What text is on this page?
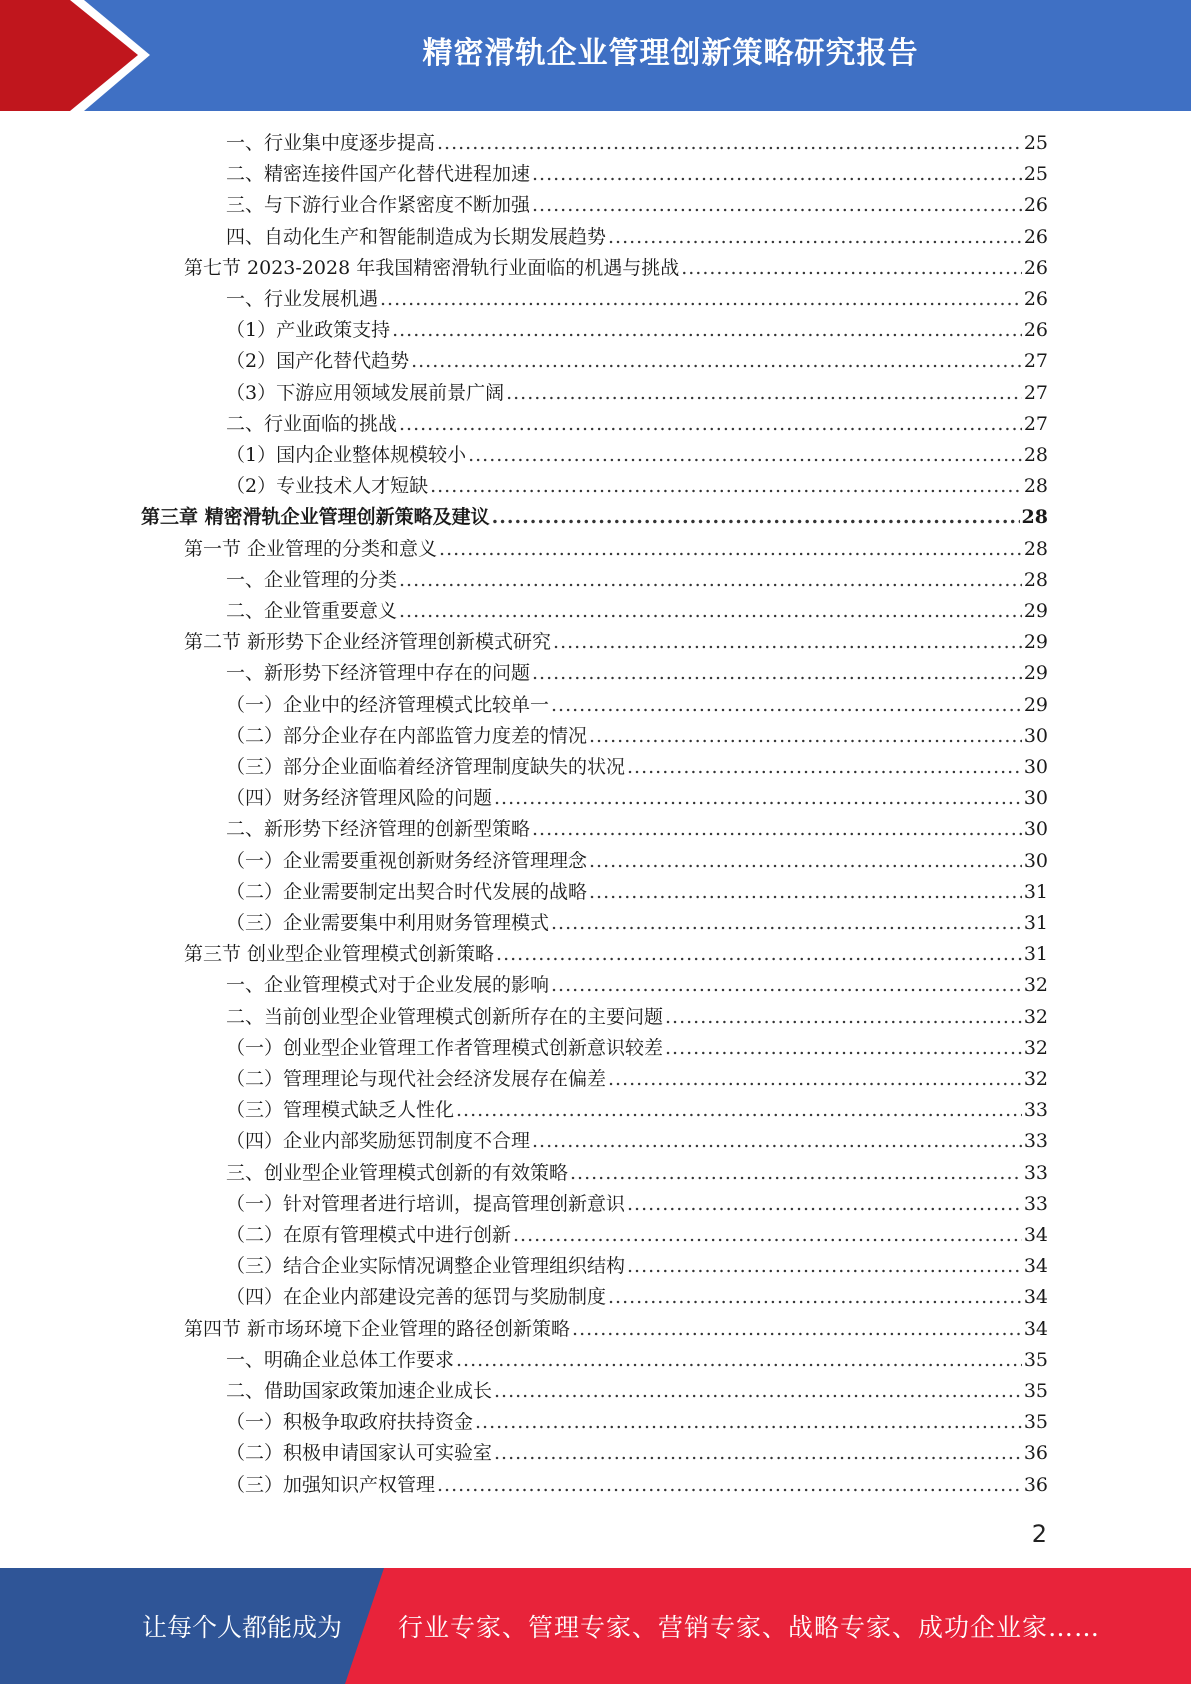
精密滑轨企业管理创新策略研究报告
一、行业集中度逐步提高 .....	25
二、精密连接件国产化替代进程加速 .....	25
三、与下游行业合作紧密度不断加强 .....	26
四、自动化生产和智能制造成为长期发展趋势 .....	26
第七节 2023-2028 年我国精密滑轨行业面临的机遇与挑战 .....	26
一、行业发展机遇 .....	26
（1）产业政策支持 .....	26
（2）国产化替代趋势 .....	27
（3）下游应用领域发展前景广阔 .....	27
二、行业面临的挑战 .....	27
（1）国内企业整体规模较小 .....	28
（2）专业技术人才短缺 .....	28
第三章 精密滑轨企业管理创新策略及建议 .....	28
第一节 企业管理的分类和意义 .....	28
一、企业管理的分类 .....	28
二、企业管重要意义 .....	29
第二节 新形势下企业经济管理创新模式研究 .....	29
一、新形势下经济管理中存在的问题 .....	29
（一）企业中的经济管理模式比较单一 .....	29
（二）部分企业存在内部监管力度差的情况 .....	30
（三）部分企业面临着经济管理制度缺失的状况 .....	30
（四）财务经济管理风险的问题 .....	30
二、新形势下经济管理的创新型策略 .....	30
（一）企业需要重视创新财务经济管理理念 .....	30
（二）企业需要制定出契合时代发展的战略 .....	31
（三）企业需要集中利用财务管理模式 .....	31
第三节 创业型企业管理模式创新策略 .....	31
一、企业管理模式对于企业发展的影响 .....	32
二、当前创业型企业管理模式创新所存在的主要问题 .....	32
（一）创业型企业管理工作者管理模式创新意识较差 .....	32
（二）管理理论与现代社会经济发展存在偏差 .....	32
（三）管理模式缺乏人性化 .....	33
（四）企业内部奖励惩罚制度不合理 .....	33
三、创业型企业管理模式创新的有效策略 .....	33
（一）针对管理者进行培训，提高管理创新意识 .....	33
（二）在原有管理模式中进行创新 .....	34
（三）结合企业实际情况调整企业管理组织结构 .....	34
（四）在企业内部建设完善的惩罚与奖励制度 .....	34
第四节 新市场环境下企业管理的路径创新策略 .....	34
一、明确企业总体工作要求 .....	35
二、借助国家政策加速企业成长 .....	35
（一）积极争取政府扶持资金 .....	35
（二）积极申请国家认可实验室 .....	36
（三）加强知识产权管理 .....	36
2
让每个人都能成为 行业专家、管理专家、营销专家、战略专家、成功企业家……
